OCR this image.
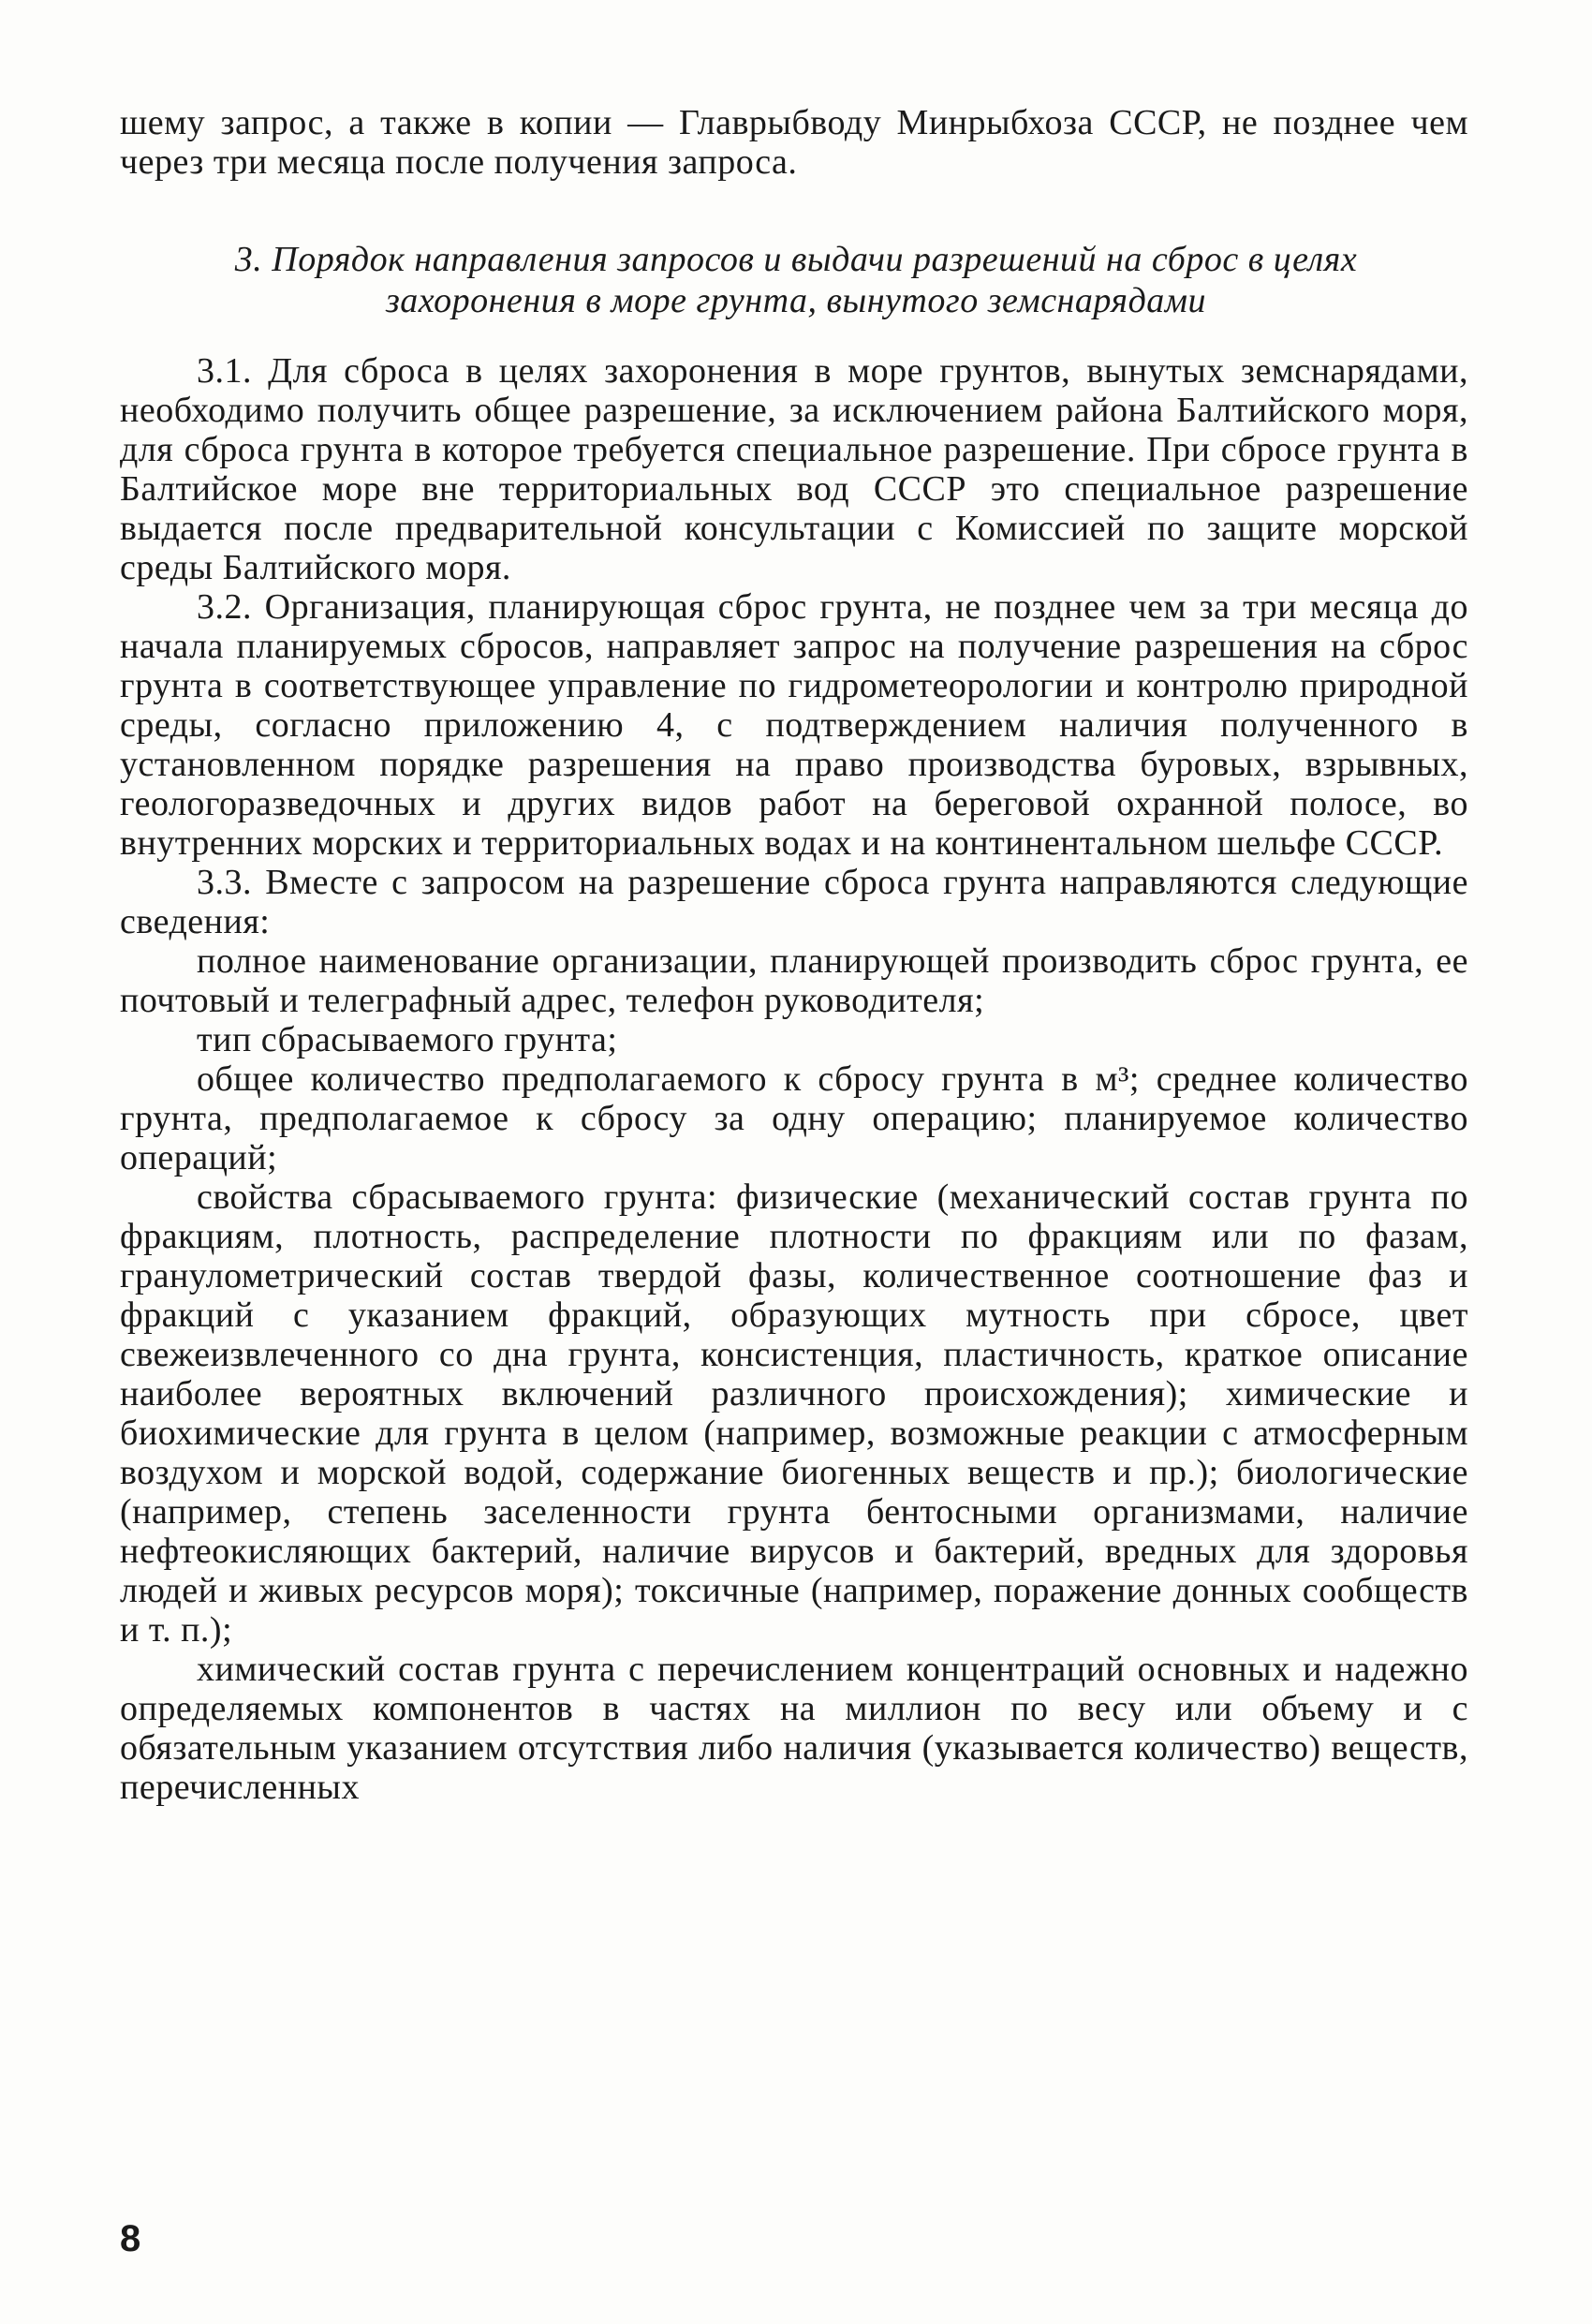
шему запрос, а также в копии — Главрыбводу Минрыбхоза СССР, не позднее чем через три месяца после получения запроса.
3. Порядок направления запросов и выдачи разрешений на сброс в целях захоронения в море грунта, вынутого земснарядами

3.1. Для сброса в целях захоронения в море грунтов, вынутых земснарядами, необходимо получить общее разрешение, за исключением района Балтийского моря, для сброса грунта в которое требуется специальное разрешение. При сбросе грунта в Балтийское море вне территориальных вод СССР это специальное разрешение выдается после предварительной консультации с Комиссией по защите морской среды Балтийского моря.

3.2. Организация, планирующая сброс грунта, не позднее чем за три месяца до начала планируемых сбросов, направляет запрос на получение разрешения на сброс грунта в соответствующее управление по гидрометеорологии и контролю природной среды, согласно приложению 4, с подтверждением наличия полученного в установленном порядке разрешения на право производства буровых, взрывных, геологоразведочных и других видов работ на береговой охранной полосе, во внутренних морских и территориальных водах и на континентальном шельфе СССР.

3.3. Вместе с запросом на разрешение сброса грунта направляются следующие сведения:

полное наименование организации, планирующей производить сброс грунта, ее почтовый и телеграфный адрес, телефон руководителя;

тип сбрасываемого грунта;

общее количество предполагаемого к сбросу грунта в м³; среднее количество грунта, предполагаемое к сбросу за одну операцию; планируемое количество операций;

свойства сбрасываемого грунта: физические (механический состав грунта по фракциям, плотность, распределение плотности по фракциям или по фазам, гранулометрический состав твердой фазы, количественное соотношение фаз и фракций с указанием фракций, образующих мутность при сбросе, цвет свежеизвлеченного со дна грунта, консистенция, пластичность, краткое описание наиболее вероятных включений различного происхождения); химические и биохимические для грунта в целом (например, возможные реакции с атмосферным воздухом и морской водой, содержание биогенных веществ и пр.); биологические (например, степень заселенности грунта бентосными организмами, наличие нефтеокисляющих бактерий, наличие вирусов и бактерий, вредных для здоровья людей и живых ресурсов моря); токсичные (например, поражение донных сообществ и т. п.);

химический состав грунта с перечислением концентраций основных и надежно определяемых компонентов в частях на миллион по весу или объему и с обязательным указанием отсутствия либо наличия (указывается количество) веществ, перечисленных

8
